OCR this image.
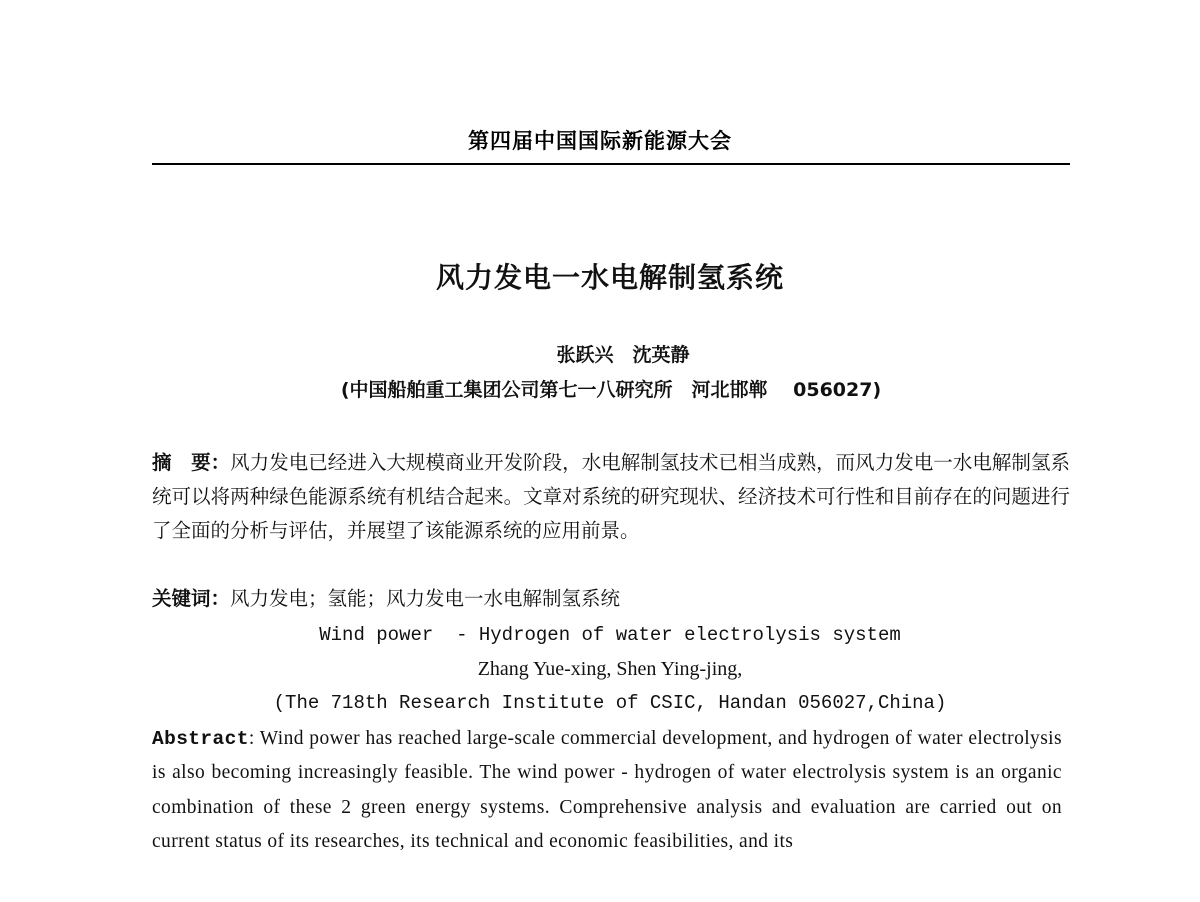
第四届中国国际新能源大会
风力发电一水电解制氢系统
张跃兴　沈英静
(中国船舶重工集团公司第七一八研究所　河北邯郸　 056027)
摘　要：风力发电已经进入大规模商业开发阶段，水电解制氢技术已相当成熟，而风力发电一水电解制氢系统可以将两种绿色能源系统有机结合起来。文章对系统的研究现状、经济技术可行性和目前存在的问题进行了全面的分析与评估，并展望了该能源系统的应用前景。
关键词：风力发电；氢能；风力发电一水电解制氢系统
Wind power  - Hydrogen of water electrolysis system
Zhang Yue-xing, Shen Ying-jing,
(The 718th Research Institute of CSIC, Handan 056027,China)
Abstract: Wind power has reached large-scale commercial development, and hydrogen of water electrolysis is also becoming increasingly feasible. The wind power - hydrogen of water electrolysis system is an organic combination of these 2 green energy systems. Comprehensive analysis and evaluation are carried out on current status of its researches, its technical and economic feasibilities, and its
